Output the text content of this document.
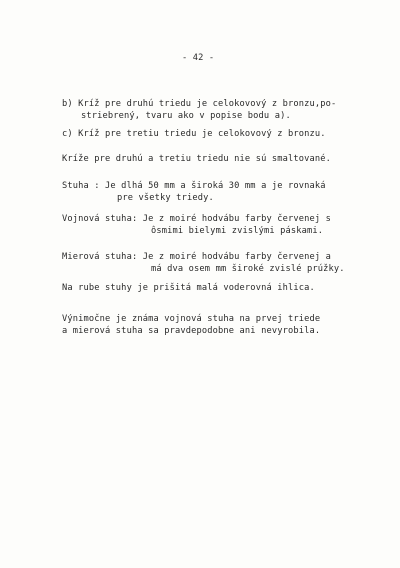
- 42 -
b) Kríž pre druhú triedu je celokovový z bronzu,po-
striebrený, tvaru ako v popise bodu a).
c) Kríž pre tretiu triedu je celokovový z bronzu.
Kríže pre druhú a tretiu triedu nie sú smaltované.
Stuha : Je dlhá 50 mm a široká 30 mm a je rovnaká
pre všetky triedy.
Vojnová stuha: Je z moiré hodvábu farby červenej s
ôsmimi bielymi zvislými páskami.
Mierová stuha: Je z moiré hodvábu farby červenej a
má dva osem mm široké zvislé prúžky.
Na rube stuhy je prišitá malá voderovná ihlica.
Výnimočne je známa vojnová stuha na prvej triede
a mierová stuha sa pravdepodobne ani nevyrobila.
